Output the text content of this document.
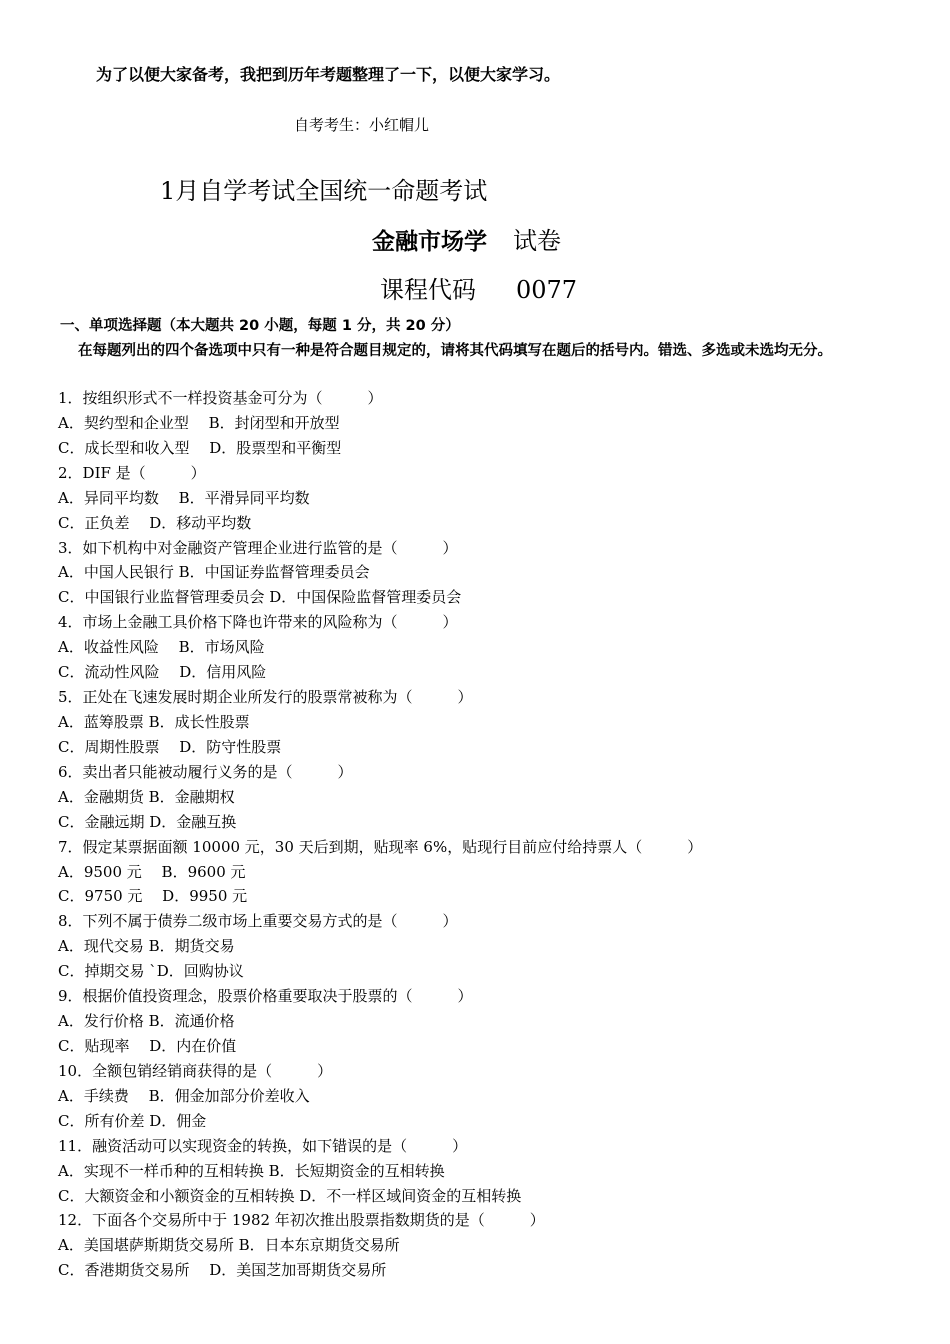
为了以便大家备考，我把到历年考题整理了一下，以便大家学习。
自考考生：小红帽儿
1月自学考试全国统一命题考试
金融市场学 试卷
课程代码 0077
一、单项选择题（本大题共 20 小题，每题 1 分，共 20 分）
在每题列出的四个备选项中只有一种是符合题目规定的，请将其代码填写在题后的括号内。错选、多选或未选均无分。
1．按组织形式不一样投资基金可分为（　　　）
A．契约型和企业型　 B．封闭型和开放型
C．成长型和收入型　 D．股票型和平衡型
2．DIF 是（　　　）
A．异同平均数　 B．平滑异同平均数
C．正负差　 D．移动平均数
3．如下机构中对金融资产管理企业进行监管的是（　　　）
A．中国人民银行 B．中国证券监督管理委员会
C．中国银行业监督管理委员会 D．中国保险监督管理委员会
4．市场上金融工具价格下降也许带来的风险称为（　　　）
A．收益性风险　 B．市场风险
C．流动性风险　 D．信用风险
5．正处在飞速发展时期企业所发行的股票常被称为（　　　）
A．蓝筹股票 B．成长性股票
C．周期性股票　 D．防守性股票
6．卖出者只能被动履行义务的是（　　　）
A．金融期货 B．金融期权
C．金融远期 D．金融互换
7．假定某票据面额 10000 元，30 天后到期，贴现率 6%，贴现行目前应付给持票人（　　　）
A．9500 元　 B．9600 元
C．9750 元　 D．9950 元
8．下列不属于债券二级市场上重要交易方式的是（　　　）
A．现代交易 B．期货交易
C．掉期交易 `D．回购协议
9．根据价值投资理念，股票价格重要取决于股票的（　　　）
A．发行价格 B．流通价格
C．贴现率　 D．内在价值
10．全额包销经销商获得的是（　　　）
A．手续费　 B．佣金加部分价差收入
C．所有价差 D．佣金
11．融资活动可以实现资金的转换，如下错误的是（　　　）
A．实现不一样币种的互相转换 B．长短期资金的互相转换
C．大额资金和小额资金的互相转换 D．不一样区域间资金的互相转换
12．下面各个交易所中于 1982 年初次推出股票指数期货的是（　　　）
A．美国堪萨斯期货交易所 B．日本东京期货交易所
C．香港期货交易所　 D．美国芝加哥期货交易所
